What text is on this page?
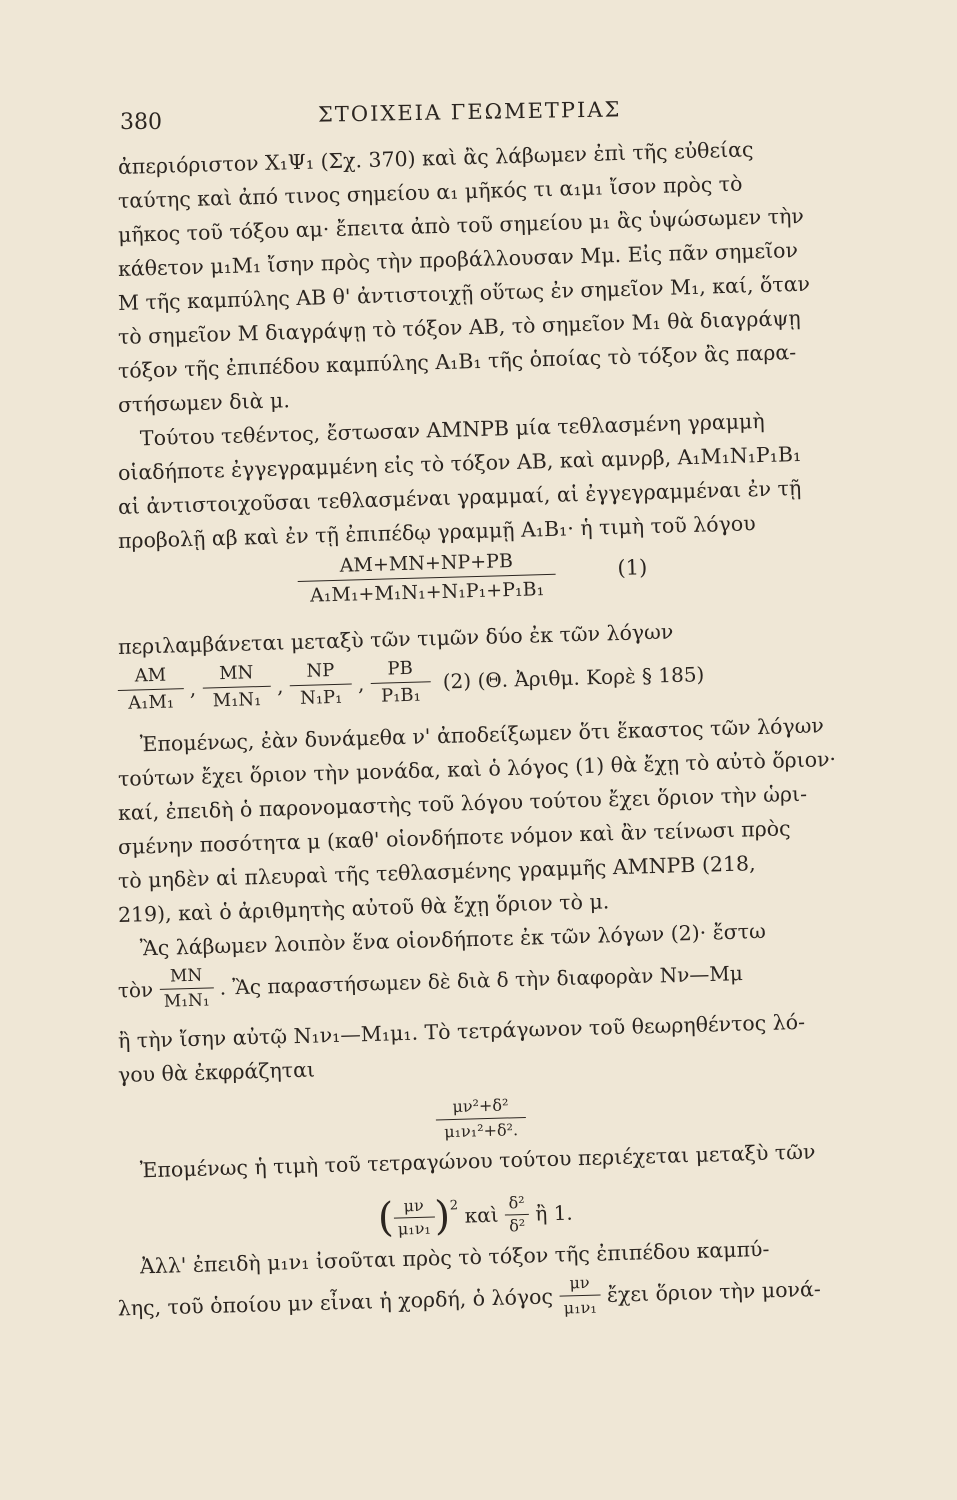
380	ΣΤΟΙΧΕΙΑ ΓΕΩΜΕΤΡΙΑΣ
ἀπεριόριστον X₁Ψ₁ (Σχ. 370) καὶ ἂς λάβωμεν ἐπὶ τῆς εὐθείας
ταύτης καὶ ἀπό τινος σημείου α₁ μῆκός τι α₁μ₁ ἴσον πρὸς τὸ
μῆκος τοῦ τόξου αμ· ἔπειτα ἀπὸ τοῦ σημείου μ₁ ἂς ὑψώσωμεν τὴν
κάθετον μ₁M₁ ἴσην πρὸς τὴν προβάλλουσαν Mμ. Εἰς πᾶν σημεῖον
M τῆς καμπύλης AB θ' ἀντιστοιχῇ οὕτως ἐν σημεῖον M₁, καί, ὅταν
τὸ σημεῖον M διαγράψῃ τὸ τόξον AB, τὸ σημεῖον M₁ θὰ διαγράψῃ
τόξον τῆς ἐπιπέδου καμπύλης A₁B₁ τῆς ὁποίας τὸ τόξον ἂς παρα-
στήσωμεν διὰ μ.
Τούτου τεθέντος, ἔστωσαν AMNPB μία τεθλασμένη γραμμὴ
οἱαδήποτε ἐγγεγραμμένη εἰς τὸ τόξον AB, καὶ αμνρβ, A₁M₁N₁P₁B₁
αἱ ἀντιστοιχοῦσαι τεθλασμέναι γραμμαί, αἱ ἐγγεγραμμέναι ἐν τῇ
προβολῇ αβ καὶ ἐν τῇ ἐπιπέδῳ γραμμῇ A₁B₁· ἡ τιμὴ τοῦ λόγου
$\frac{AM+MN+NP+PB}{\text{A₁M₁+M₁N₁+N₁P₁+P₁B₁}}$	(1)
περιλαμβάνεται μεταξὺ τῶν τιμῶν δύο ἐκ τῶν λόγων
$\frac{AM}{\text{A₁M₁}}$ , $\frac{MN}{\text{M₁N₁}}$ , $\frac{NP}{\text{N₁P₁}}$ , $\frac{PB}{\text{P₁B₁}} (2)$ (Θ. Ἀριθμ. Κορὲ § 185)
Ἐπομένως, ἐὰν δυνάμεθα ν' ἀποδείξωμεν ὅτι ἕκαστος τῶν λόγων
τούτων ἔχει ὅριον τὴν μονάδα, καὶ ὁ λόγος (1) θὰ ἔχῃ τὸ αὐτὸ ὅριον·
καί, ἐπειδὴ ὁ παρονομαστὴς τοῦ λόγου τούτου ἔχει ὅριον τὴν ὡρι-
σμένην ποσότητα μ (καθ' οἱονδήποτε νόμον καὶ ἂν τείνωσι πρὸς
τὸ μηδὲν αἱ πλευραὶ τῆς τεθλασμένης γραμμῆς AMNPB (218,
219), καὶ ὁ ἀριθμητὴς αὐτοῦ θὰ ἔχῃ ὅριον τὸ μ.
Ἂς λάβωμεν λοιπὸν ἕνα οἱονδήποτε ἐκ τῶν λόγων (2)· ἔστω
τὸν $\frac{MN}{\text{M₁N₁}}$ . Ἂς παραστήσωμεν δὲ διὰ δ τὴν διαφορὰν Nν—Mμ
ἢ τὴν ἴσην αὐτῷ N₁ν₁—M₁μ₁. Τὸ τετράγωνον τοῦ θεωρηθέντος λό-
γου θὰ ἐκφράζηται
$\frac{\text{μν²+δ²}}{\text{μ₁ν₁²+δ².}}$
Ἐπομένως ἡ τιμὴ τοῦ τετραγώνου τούτου περιέχεται μεταξὺ τῶν
(
$\frac{\mu\nu}{\text{μ₁ν₁}}$
)$^2$ καὶ $\frac{\text{δ²}}{\text{δ²}}$ ἢ 1.
Ἀλλ' ἐπειδὴ μ₁ν₁ ἰσοῦται πρὸς τὸ τόξον τῆς ἐπιπέδου καμπύ-
λης, τοῦ ὁποίου μν εἶναι ἡ χορδή, ὁ λόγος $\frac{\mu\nu}{\text{μ₁ν₁}}$ ἔχει ὅριον τὴν μονά-
